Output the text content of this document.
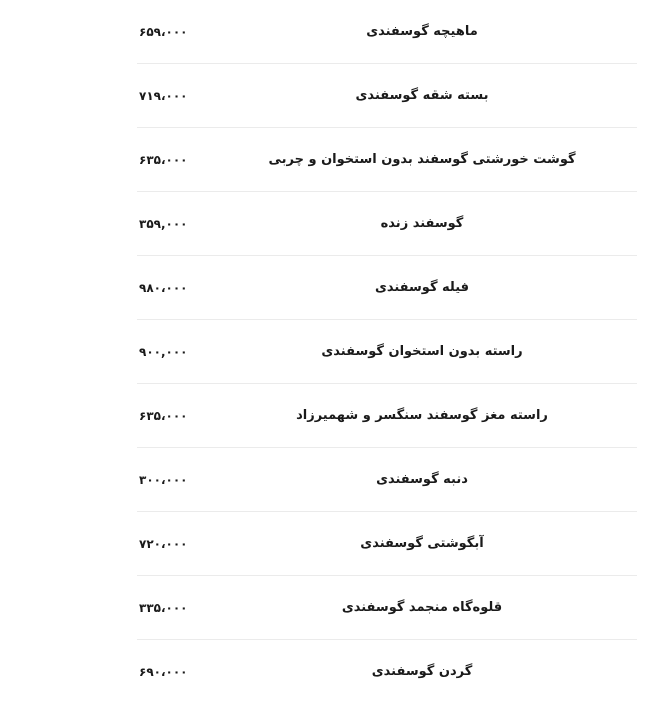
ماهیچه گوسفندی
۶۵۹،۰۰۰
بسته شقه گوسفندی
۷۱۹،۰۰۰
گوشت خورشتی گوسفند بدون استخوان و چربی
۶۳۵،۰۰۰
گوسفند زنده
۳۵۹,۰۰۰
فیله گوسفندی
۹۸۰،۰۰۰
راسته بدون استخوان گوسفندی
۹۰۰,۰۰۰
راسته مغز گوسفند سنگسر و شهمیرزاد
۶۳۵،۰۰۰
دنبه گوسفندی
۳۰۰،۰۰۰
آبگوشتی گوسفندی
۷۲۰،۰۰۰
قلوه‌گاه منجمد گوسفندی
۳۳۵،۰۰۰
گردن گوسفندی
۶۹۰،۰۰۰
